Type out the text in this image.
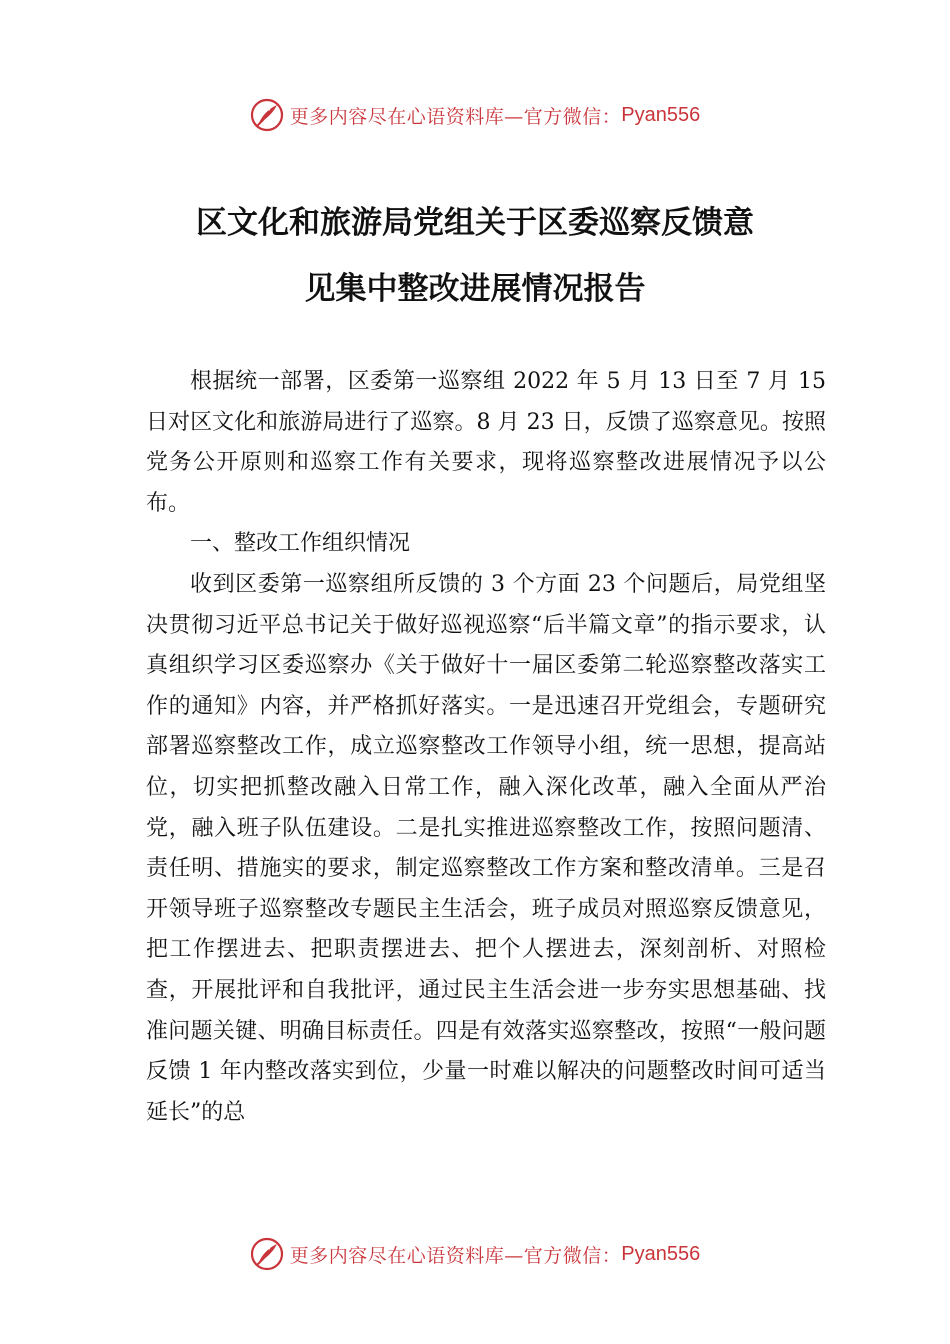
更多内容尽在心语资料库—官方微信： Pyan556
区文化和旅游局党组关于区委巡察反馈意
见集中整改进展情况报告

根据统一部署，区委第一巡察组 2022 年 5 月 13 日至 7 月 15 日对区文化和旅游局进行了巡察。8 月 23 日，反馈了巡察意见。按照党务公开原则和巡察工作有关要求，现将巡察整改进展情况予以公布。

一、整改工作组织情况

收到区委第一巡察组所反馈的 3 个方面 23 个问题后，局党组坚决贯彻习近平总书记关于做好巡视巡察“后半篇文章”的指示要求，认真组织学习区委巡察办《关于做好十一届区委第二轮巡察整改落实工作的通知》内容，并严格抓好落实。一是迅速召开党组会，专题研究部署巡察整改工作，成立巡察整改工作领导小组，统一思想，提高站位，切实把抓整改融入日常工作，融入深化改革，融入全面从严治党，融入班子队伍建设。二是扎实推进巡察整改工作，按照问题清、责任明、措施实的要求，制定巡察整改工作方案和整改清单。三是召开领导班子巡察整改专题民主生活会，班子成员对照巡察反馈意见，把工作摆进去、把职责摆进去、把个人摆进去，深刻剖析、对照检查，开展批评和自我批评，通过民主生活会进一步夯实思想基础、找准问题关键、明确目标责任。四是有效落实巡察整改，按照“一般问题反馈 1 年内整改落实到位，少量一时难以解决的问题整改时间可适当延长”的总

更多内容尽在心语资料库—官方微信： Pyan556
